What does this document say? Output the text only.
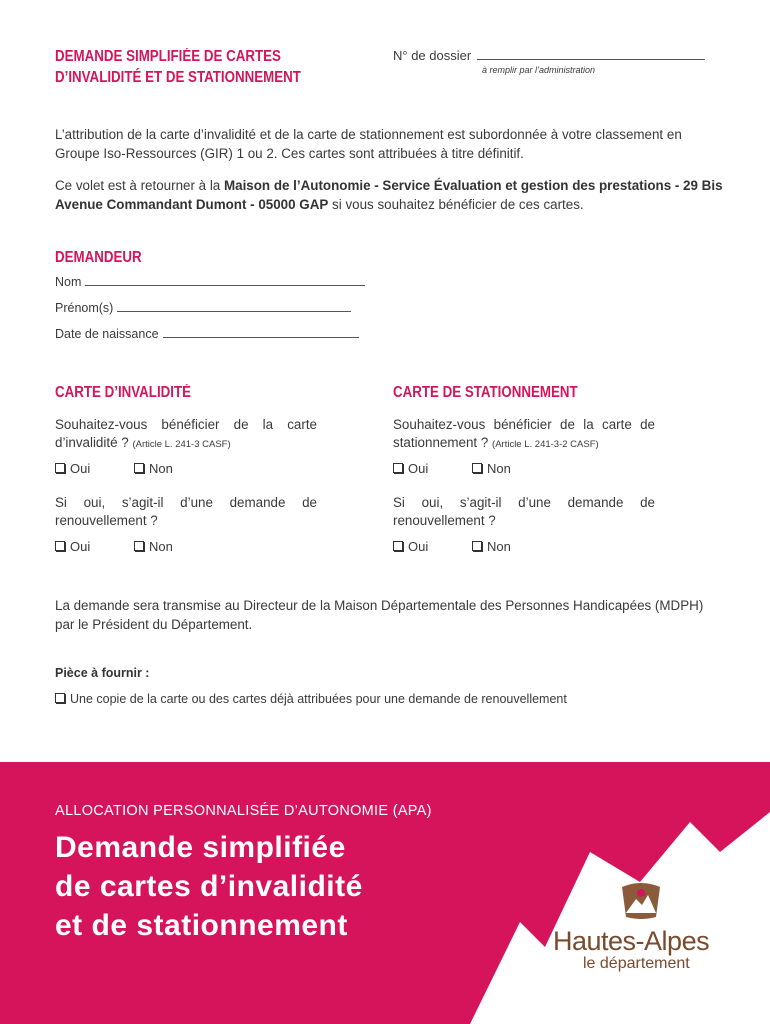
DEMANDE SIMPLIFIÉE DE CARTES
D’INVALIDITÉ ET DE STATIONNEMENT
N° de dossier
à remplir par l’administration

L’attribution de la carte d’invalidité et de la carte de stationnement est subordonnée à votre classement en Groupe Iso-Ressources (GIR) 1 ou 2. Ces cartes sont attribuées à titre définitif.

Ce volet est à retourner à la Maison de l’Autonomie - Service Évaluation et gestion des prestations - 29 Bis Avenue Commandant Dumont - 05000 GAP si vous souhaitez bénéficier de ces cartes.

DEMANDEUR
Nom
Prénom(s)
Date de naissance
CARTE D’INVALIDITÉ
Souhaitez-vous bénéficier de la carte d’invalidité ? (Article L. 241-3 CASF)
Oui	Non
Si oui, s’agit-il d’une demande de renouvellement ?
Oui	Non
CARTE DE STATIONNEMENT
Souhaitez-vous bénéficier de la carte de stationnement ? (Article L. 241-3-2 CASF)
Oui	Non
Si oui, s’agit-il d’une demande de renouvellement ?
Oui	Non

La demande sera transmise au Directeur de la Maison Départementale des Personnes Handicapées (MDPH) par le Président du Département.

Pièce à fournir :
Une copie de la carte ou des cartes déjà attribuées pour une demande de renouvellement
© Service communication - Juillet 2019 - I.PH.G
ALLOCATION PERSONNALISÉE D’AUTONOMIE (APA)
Demande simplifiée
de cartes d’invalidité
et de stationnement	Hautes-Alpes
le département
